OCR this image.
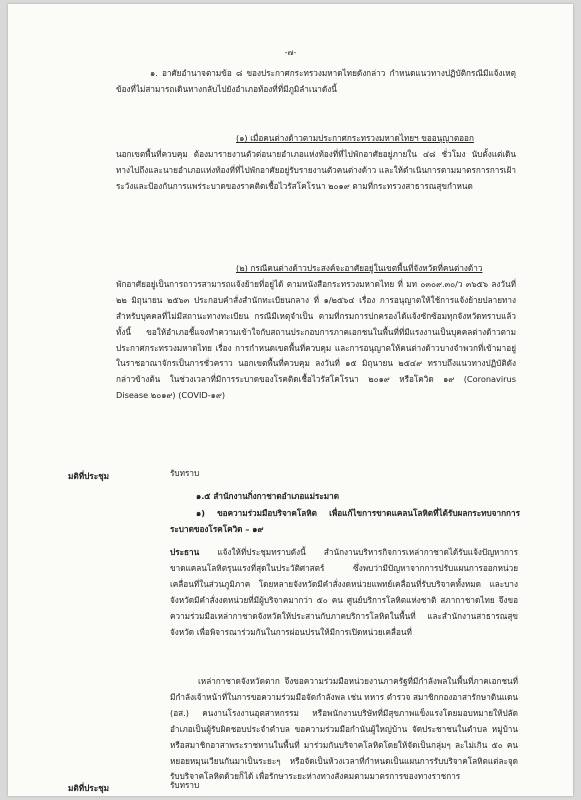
-๗-

๑. อาศัยอำนาจตามข้อ ๘ ของประกาศกระทรวงมหาดไทยดังกล่าว กำหนดแนวทางปฏิบัติกรณีมีแจ้งเหตุข้องที่ไม่สามารถเดินทางกลับไปยังอำเภอท้องที่ที่มีภูมิลำเนาดังนี้

(๑) เมื่อคนต่างด้าวตามประกาศกระทรวงมหาดไทยฯ ขออนุญาตออก

นอกเขตพื้นที่ควบคุม ต้องมารายงานตัวต่อนายอำเภอแห่งท้องที่ที่ไปพักอาศัยอยู่ภายใน ๔๘ ชั่วโมง นับตั้งแต่เดินทางไปถึงและนายอำเภอแห่งท้องที่ที่ไปพักอาศัยอยู่รับรายงานตัวคนต่างด้าว และให้ดำเนินการตามมาตรการการเฝ้าระวังและป้องกันการแพร่ระบาดของราคติดเชื้อไวรัสโคโรนา ๒๐๑๙ ตามที่กระทรวงสาธารณสุขกำหนด

(๒) กรณีคนต่างด้าวประสงค์จะอาศัยอยู่ในเขตพื้นที่จังหวัดที่คนต่างด้าว

พักอาศัยอยู่เป็นการถาวรสามารถแจ้งย้ายที่อยู่ได้ ตามหนังสือกระทรวงมหาดไทย ที่ มท ๐๓๐๙.๓๐/ว ๓๖๕๖ ลงวันที่ ๒๒ มิถุนายน ๒๕๖๓ ประกอบคำสั่งสำนักทะเบียนกลาง ที่ ๑/๒๕๖๔ เรื่อง การอนุญาตให้ใช้การแจ้งย้ายปลายทางสำหรับบุคคลที่ไม่มีสถานะทางทะเบียน กรณีมีเหตุจำเป็น ตามที่กรมการปกครองได้แจ้งซักซ้อมทุกจังหวัดทราบแล้ว ทั้งนี้ ขอให้อำเภอชี้แจงทำความเข้าใจกับสถานประกอบการภาคเอกชนในพื้นที่ที่มีแรงงานเป็นบุคคลต่างด้าวตามประกาศกระทรวงมหาดไทย เรื่อง การกำหนดเขตพื้นที่ควบคุม และการอนุญาตให้คนต่างด้าวบางจำพวกที่เข้ามาอยู่ในราชอาณาจักรเป็นการชั่วคราว นอกเขตพื้นที่ควบคุม ลงวันที่ ๑๕ มิถุนายน ๒๕๔๙ ทราบถึงแนวทางปฏิบัติดังกล่าวข้างต้น ในช่วงเวลาที่มีการระบาดของโรคติดเชื้อไวรัสโคโรนา ๒๐๑๙ หรือโควิด ๑๙ (Coronavirus Disease ๒๐๑๙) (COVID-๑๙)

มติที่ประชุม	รับทราบ
๑.๕ สำนักงานกิ่งกาชาดอำเภอแม่ระมาด

๑) ขอความร่วมมือบริจาคโลหิต เพื่อแก้ไขการขาดแคลนโลหิตที่ได้รับผลกระทบจากการระบาดของโรคโควิด – ๑๙

ประธาน แจ้งให้ที่ประชุมทราบดังนี้ สำนักงานบริหารกิจการเหล่ากาชาดได้รับแจ้งปัญหาการขาดแคลนโลหิตรุนแรงที่สุดในประวัติศาสตร์ ซึ่งพบว่ามีปัญหาจากการปรับแผนการออกหน่วยเคลื่อนที่ในส่วนภูมิภาค โดยหลายจังหวัดมีคำสั่งงดหน่วยแพทย์เคลื่อนที่รับบริจาคทั้งหมด และบางจังหวัดมีคำสั่งงดหน่วยที่มีผู้บริจาคมากว่า ๕๐ คน ศูนย์บริการโลหิตแห่งชาติ สภากาชาดไทย จึงขอความร่วมมือเหล่ากาชาดจังหวัดให้ประสานกับภาคบริการโลหิตในพื้นที่ และสำนักงานสาธารณสุขจังหวัด เพื่อพิจารณาร่วมกันในการผ่อนปรนให้มีการเปิดหน่วยเคลื่อนที่

เหล่ากาชาดจังหวัดตาก จึงขอความร่วมมือหน่วยงานภาครัฐที่มีกำลังพลในพื้นที่ภาคเอกชนที่มีกำลังเจ้าหน้าที่ในการขอความร่วมมือจัดกำลังพล เช่น ทหาร ตำรวจ สมาชิกกองอาสารักษาดินแดน (อส.) คนงานโรงงานอุตสาหกรรม หรือพนักงานบริษัทที่มีสุขภาพแข็งแรงโดยมอบหมายให้ปลัดอำเภอเป็นผู้รับผิดชอบประจำตำบล ขอความร่วมมือกำนันผู้ใหญ่บ้าน จัดประชาชนในตำบล หมู่บ้าน หรือสมาชิกอาสาพระราชทานในพื้นที่ มาร่วมกันบริจาคโลหิตโดยให้จัดเป็นกลุ่มๆ ละไม่เกิน ๕๐ คน หยอยหมุนเวียนกันมาเป็นระยะๆ หรือจัดเป็นห้วงเวลาที่กำหนดเป็นแผนการรับบริจาคโลหิตแต่ละจุดรับบริจาคโลหิตด้วยก็ได้ เพื่อรักษาระยะห่างทางสังคมตามมาตรการของทางราชการ

มติที่ประชุม	รับทราบ
